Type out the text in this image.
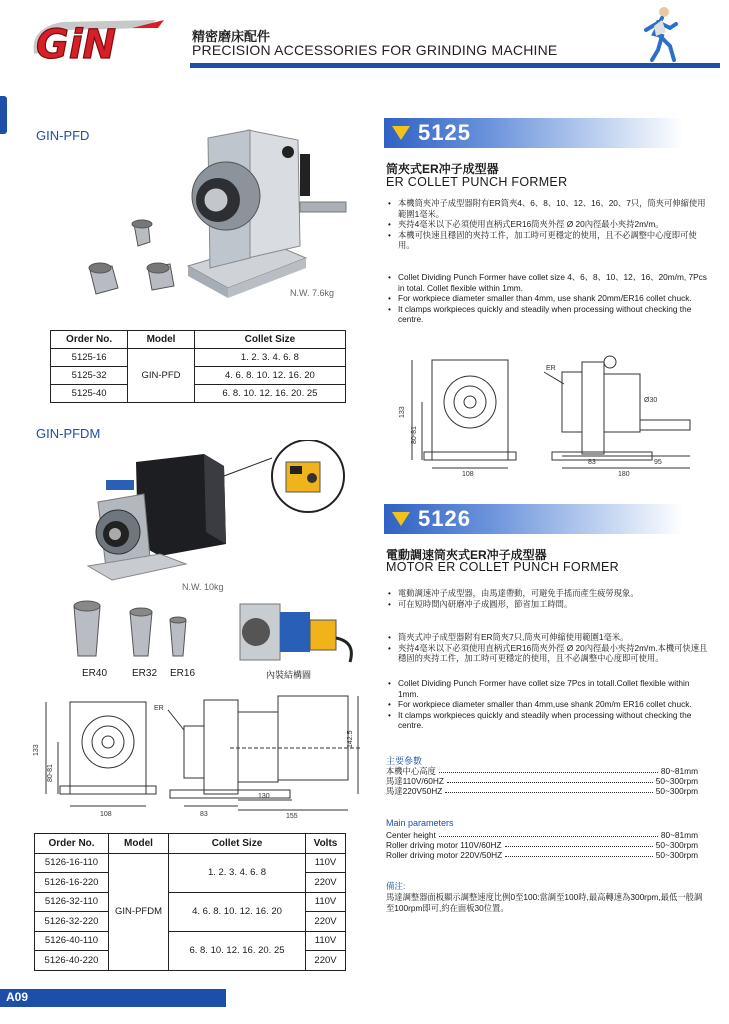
GiN	精密磨床配件
PRECISION ACCESSORIES FOR GRINDING MACHINE
GIN-PFD
N.W. 7.6kg
Order No.	Model	Collet Size
5125-16	GIN-PFD	1. 2. 3. 4. 6. 8
5125-32		4. 6. 8. 10. 12. 16. 20
5125-40		6. 8. 10. 12. 16. 20. 25
GIN-PFDM
N.W. 10kg
ER40 ER32 ER16	內裝結構圖
ER
133
80-81
108	83
130
155
142.5
Order No.	Model	Collet Size	Volts
5126-16-110	GIN-PFDM	1. 2. 3. 4. 6. 8	110V
5126-16-220			220V
5126-32-110		4. 6. 8. 10. 12. 16. 20	110V
5126-32-220			220V
5126-40-110		6. 8. 10. 12. 16. 20. 25	110V
5126-40-220			220V
5125
筒夾式ER冲子成型器
ER COLLET PUNCH FORMER
• 本機筒夾冲子成型器附有ER筒夾4、6、8、10、12、16、20、7只，筒夾可伸縮使用範圍1毫米。
• 夾持4毫米以下必須使用直柄式ER16筒夾外徑 Ø 20內徑最小夾持2m/m。
• 本機可快速且穩固的夾持工件，加工時可更穩定的使用，且不必調整中心度即可使用。
• Collet Dividing Punch Former have collet size 4、6、8、10、12、16、20m/m, 7Pcs in total. Collet flexible within 1mm.
• For workpiece diameter smaller than 4mm, use shank 20mm/ER16 collet chuck.
• It clamps workpieces quickly and steadily when processing without checking the centre.
ER
133
80-81
108
Ø30
83	95
180
5126
電動調速筒夾式ER冲子成型器
MOTOR ER COLLET PUNCH FORMER
• 電動調速冲子成型器，由馬達帶動，可避免手搖而產生疲勞現象。
• 可在短時間內研磨冲子成圓形，節省加工時間。
• 筒夾式冲子成型器附有ER筒夾7只,筒夾可伸縮使用範圍1毫米。
• 夾持4毫米以下必須使用直柄式ER16筒夾外徑 Ø 20內徑最小夾持2m/m.本機可快速且穩固的夾持工件，加工時可更穩定的使用，且不必調整中心度即可使用。
• Collet Dividing Punch Former have collet size 7Pcs in totall.Collet flexible within 1mm.
• For workpiece diameter smaller than 4mm,use shank 20m/m ER16 collet chuck.
• It clamps workpieces quickly and steadily when processing without checking the centre.
主要參數
本機中心高度	80~81mm
馬達110V/60HZ	50~300rpm
馬達220V50HZ	50~300rpm
Main parameters
Center height	80~81mm
Roller driving motor 110V/60HZ	50~300rpm
Roller driving motor 220V/50HZ	50~300rpm
備注:
馬達調整器面板顯示調整速度比例0至100:當調至100時,最高轉速為300rpm,最低一般調至100rpm即可,約在面板30位置。
A09
